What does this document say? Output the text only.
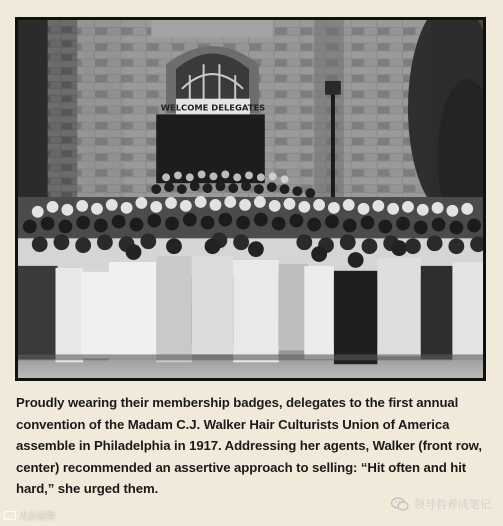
WELCOME DELEGATES

Proudly wearing their membership badges, delegates to the first annual convention of the Madam C.J. Walker Hair Culturists Union of America assemble in Philadelphia in 1917. Addressing her agents, Walker (front row, center) recommended an assertive approach to selling: “Hit often and hit hard,” she urged them.

大公证券
领导哲养成笔记
